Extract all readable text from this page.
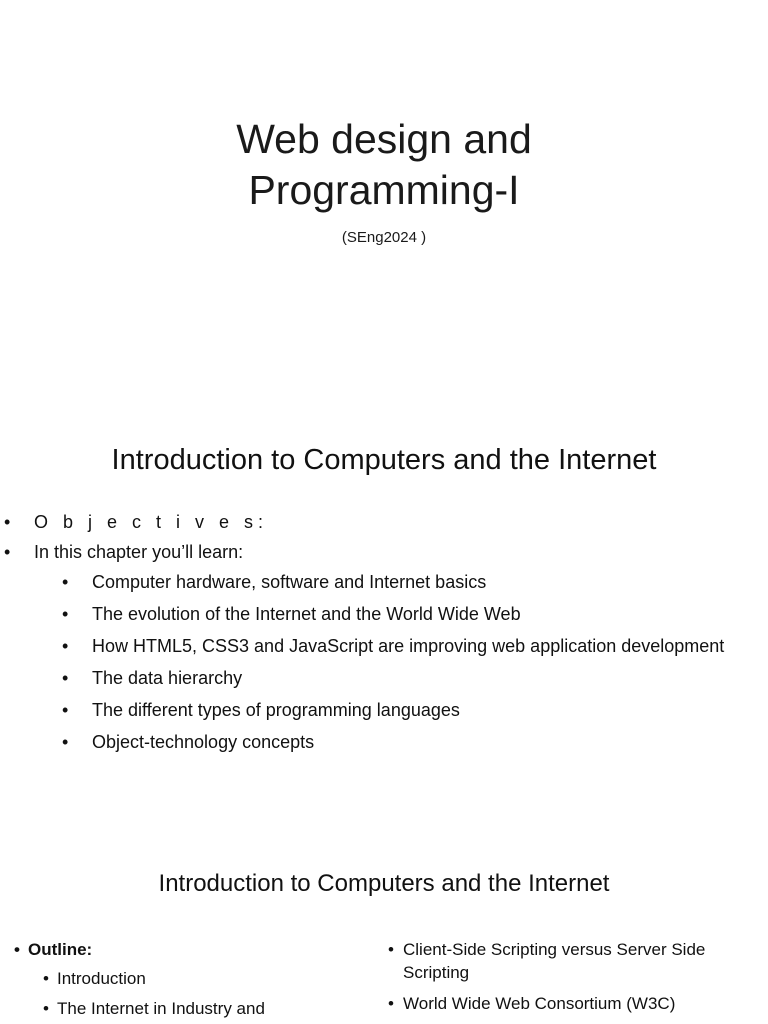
Web design and
Programming-I
(SEng2024 )
Introduction to Computers and the Internet
• O b j e c t i v e s:
• In this chapter you’ll learn:
• Computer hardware, software and Internet basics
• The evolution of the Internet and the World Wide Web
• How HTML5, CSS3 and JavaScript are improving web application development
• The data hierarchy
• The different types of programming languages
• Object-technology concepts
Introduction to Computers and the Internet
• Outline:
• Introduction
• The Internet in Industry and
• Client-Side Scripting versus Server Side Scripting
• World Wide Web Consortium (W3C)
